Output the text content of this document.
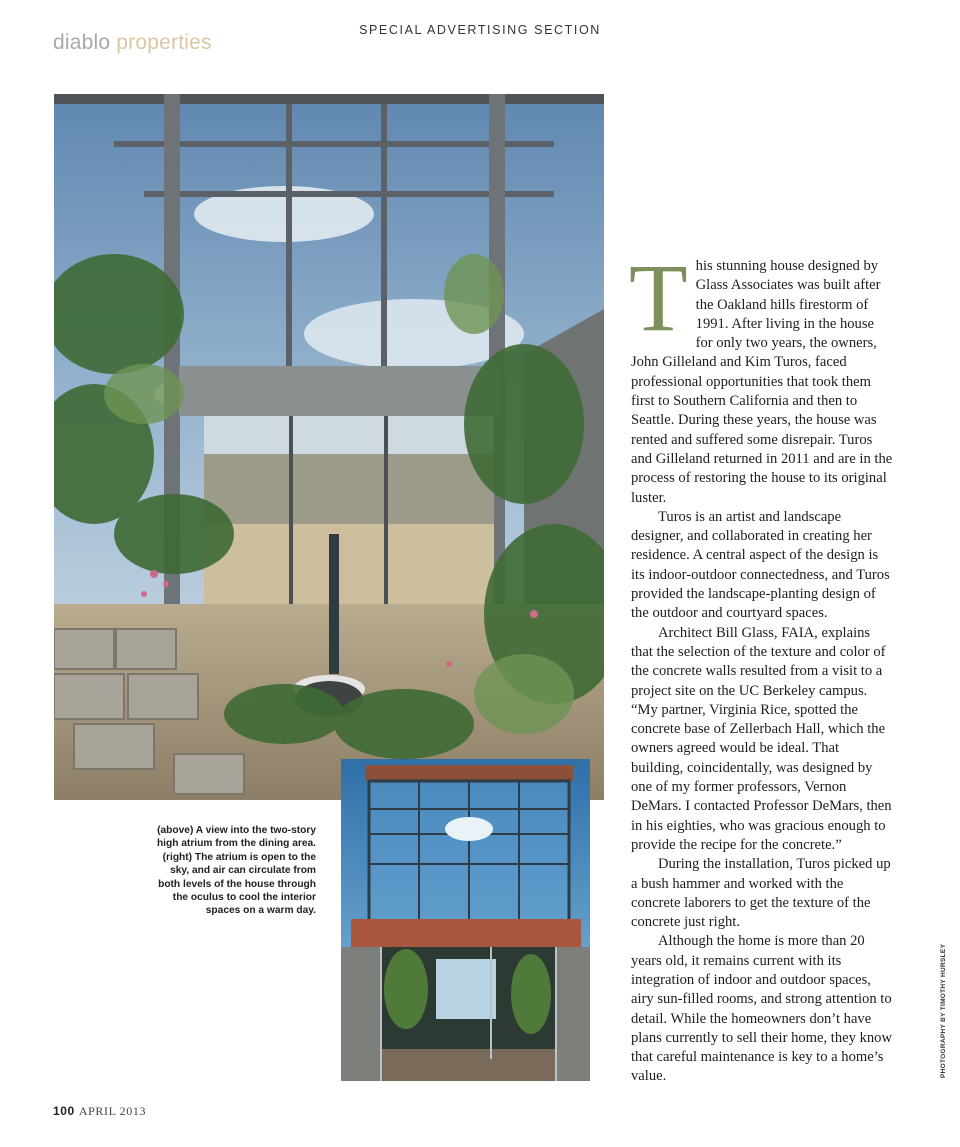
SPECIAL ADVERTISING SECTION
diablo properties

(above) A view into the two-story high atrium from the dining area.

(right) The atrium is open to the sky, and air can circulate from both levels of the house through the oculus to cool the interior spaces on a warm day.

This stunning house designed by Glass Associates was built after the Oakland hills firestorm of 1991. After living in the house for only two years, the owners, John Gilleland and Kim Turos, faced professional opportunities that took them first to Southern California and then to Seattle. During these years, the house was rented and suffered some disrepair. Turos and Gilleland returned in 2011 and are in the process of restoring the house to its original luster.

Turos is an artist and landscape designer, and collaborated in creating her residence. A central aspect of the design is its indoor-outdoor connectedness, and Turos provided the landscape-planting design of the outdoor and courtyard spaces.

Architect Bill Glass, FAIA, explains that the selection of the texture and color of the concrete walls resulted from a visit to a project site on the UC Berkeley campus. “My partner, Virginia Rice, spotted the concrete base of Zellerbach Hall, which the owners agreed would be ideal. That building, coincidentally, was designed by one of my former professors, Vernon DeMars. I contacted Professor DeMars, then in his eighties, who was gracious enough to provide the recipe for the concrete.”

During the installation, Turos picked up a bush hammer and worked with the concrete laborers to get the texture of the concrete just right.

Although the home is more than 20 years old, it remains current with its integration of indoor and outdoor spaces, airy sun-filled rooms, and strong attention to detail. While the homeowners don’t have plans currently to sell their home, they know that careful maintenance is key to a home’s value.	PHOTOGRAPHY BY TIMOTHY HURSLEY
100 APRIL 2013
